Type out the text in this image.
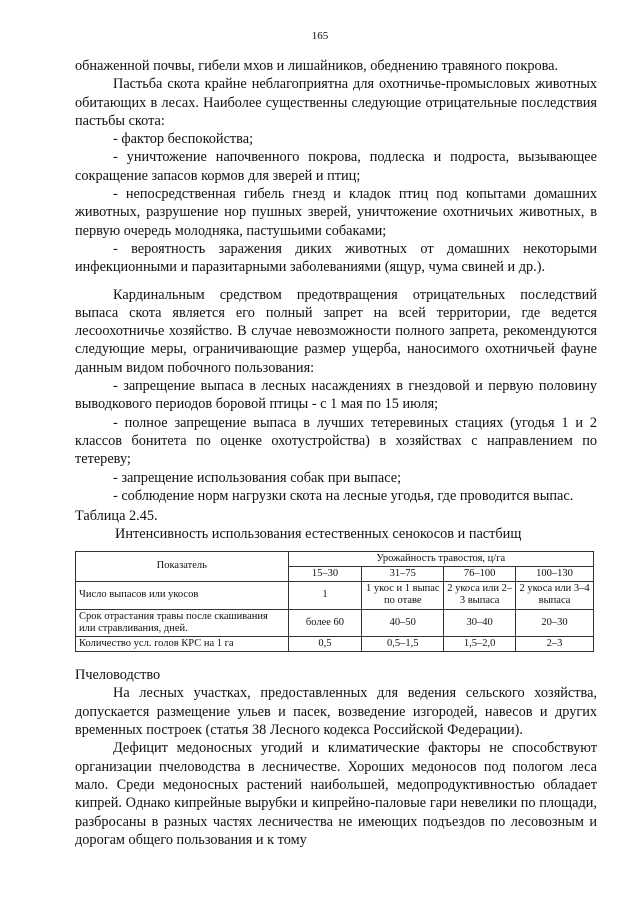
165

обнаженной почвы, гибели мхов и лишайников, обеднению травяного покрова.

Пастьба скота крайне неблагоприятна для охотничье-промысловых животных обитающих в лесах. Наиболее существенны следующие отрицательные последствия пастьбы скота:

- фактор беспокойства;

- уничтожение напочвенного покрова, подлеска и подроста, вызывающее сокращение запасов кормов для зверей и птиц;

- непосредственная гибель гнезд и кладок птиц под копытами домашних животных, разрушение нор пушных зверей, уничтожение охотничьих животных, в первую очередь молодняка, пастушьими собаками;

- вероятность заражения диких животных от домашних некоторыми инфекционными и паразитарными заболеваниями (ящур, чума свиней и др.).

Кардинальным средством предотвращения отрицательных последствий выпаса скота является его полный запрет на всей территории, где ведется лесоохотничье хозяйство. В случае невозможности полного запрета, рекомендуются следующие меры, ограничивающие размер ущерба, наносимого охотничьей фауне данным видом побочного пользования:

- запрещение выпаса в лесных насаждениях в гнездовой и первую половину выводкового периодов боровой птицы - с 1 мая по 15 июля;

- полное запрещение выпаса в лучших тетеревиных стациях (угодья 1 и 2 классов бонитета по оценке охотустройства) в хозяйствах с направлением по тетереву;

- запрещение использования собак при выпасе;

- соблюдение норм нагрузки скота на лесные угодья, где проводится выпас.

Таблица 2.45.

Интенсивность использования естественных сенокосов и пастбищ

Показатель	Урожайность травостоя, ц/га			
	15–30	31–75	76–100	100–130
Число выпасов или укосов	1	1 укос и 1 выпас по отаве	2 укоса или 2–3 выпаса	2 укоса или 3–4 выпаса
Срок отрастания травы после скашивания или стравливания, дней.	более 60	40–50	30–40	20–30
Количество усл. голов КРС на 1 га	0,5	0,5–1,5	1,5–2,0	2–3

Пчеловодство

На лесных участках, предоставленных для ведения сельского хозяйства, допускается размещение ульев и пасек, возведение изгородей, навесов и других временных построек (статья 38 Лесного кодекса Российской Федерации).

Дефицит медоносных угодий и климатические факторы не способствуют организации пчеловодства в лесничестве. Хороших медоносов под пологом леса мало. Среди медоносных растений наибольшей, медопродуктивностью обладает кипрей. Однако кипрейные вырубки и кипрейно-паловые гари невелики по площади, разбросаны в разных частях лесничества не имеющих подъездов по лесовозным и дорогам общего пользования и к тому
